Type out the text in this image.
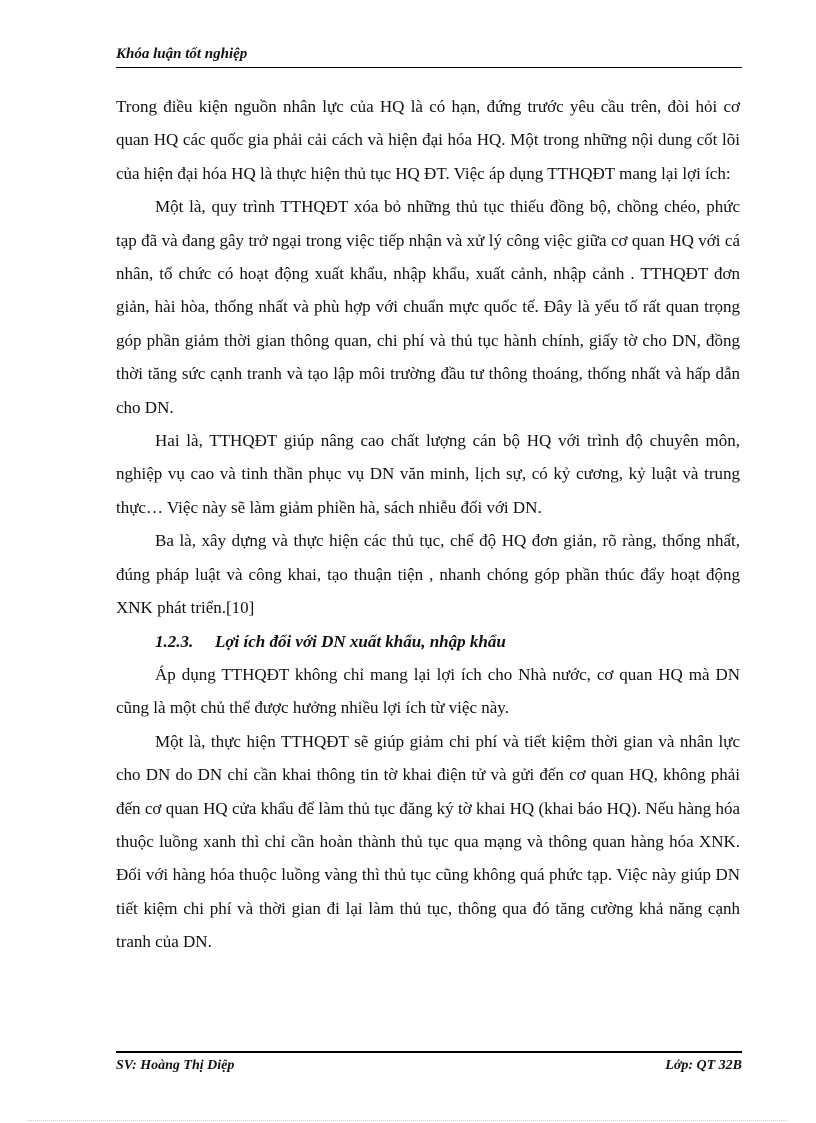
Khóa luận tốt nghiệp

Trong điều kiện nguồn nhân lực của HQ là có hạn, đứng trước yêu cầu trên, đòi hỏi cơ quan HQ các quốc gia phải cải cách và hiện đại hóa HQ. Một trong những nội dung cốt lõi của hiện đại hóa HQ là thực hiện thủ tục HQ ĐT. Việc áp dụng TTHQĐT mang lại lợi ích:

Một là, quy trình TTHQĐT xóa bỏ những thủ tục thiếu đồng bộ, chồng chéo, phức tạp đã và đang gây trở ngại trong việc tiếp nhận và xử lý công việc giữa cơ quan HQ với cá nhân, tổ chức có hoạt động xuất khẩu, nhập khẩu, xuất cảnh, nhập cảnh . TTHQĐT đơn giản, hài hòa, thống nhất và phù hợp với chuẩn mực quốc tế. Đây là yếu tố rất quan trọng góp phần giảm thời gian thông quan, chi phí và thủ tục hành chính, giấy tờ cho DN, đồng thời tăng sức cạnh tranh và tạo lập môi trường đầu tư thông thoáng, thống nhất và hấp dẫn cho DN.

Hai là, TTHQĐT giúp nâng cao chất lượng cán bộ HQ với trình độ chuyên môn, nghiệp vụ cao và tinh thần phục vụ DN văn minh, lịch sự, có kỷ cương, kỷ luật và trung thực… Việc này sẽ làm giảm phiền hà, sách nhiễu đối với DN.

Ba là, xây dựng và thực hiện các thủ tục, chế độ HQ đơn giản, rõ ràng, thống nhất, đúng pháp luật và công khai, tạo thuận tiện , nhanh chóng góp phần thúc đẩy hoạt động XNK phát triển.[10]

1.2.3. Lợi ích đối với DN xuất khẩu, nhập khẩu

Áp dụng TTHQĐT không chỉ mang lại lợi ích cho Nhà nước, cơ quan HQ mà DN cũng là một chủ thể được hưởng nhiều lợi ích từ việc này.

Một là, thực hiện TTHQĐT sẽ giúp giảm chi phí và tiết kiệm thời gian và nhân lực cho DN do DN chỉ cần khai thông tin tờ khai điện tử và gửi đến cơ quan HQ, không phải đến cơ quan HQ cửa khẩu để làm thủ tục đăng ký tờ khai HQ (khai báo HQ). Nếu hàng hóa thuộc luồng xanh thì chỉ cần hoàn thành thủ tục qua mạng và thông quan hàng hóa XNK. Đối với hàng hóa thuộc luồng vàng thì thủ tục cũng không quá phức tạp. Việc này giúp DN tiết kiệm chi phí và thời gian đi lại làm thủ tục, thông qua đó tăng cường khả năng cạnh tranh của DN.

SV: Hoàng Thị Diệp	Lớp: QT 32B
